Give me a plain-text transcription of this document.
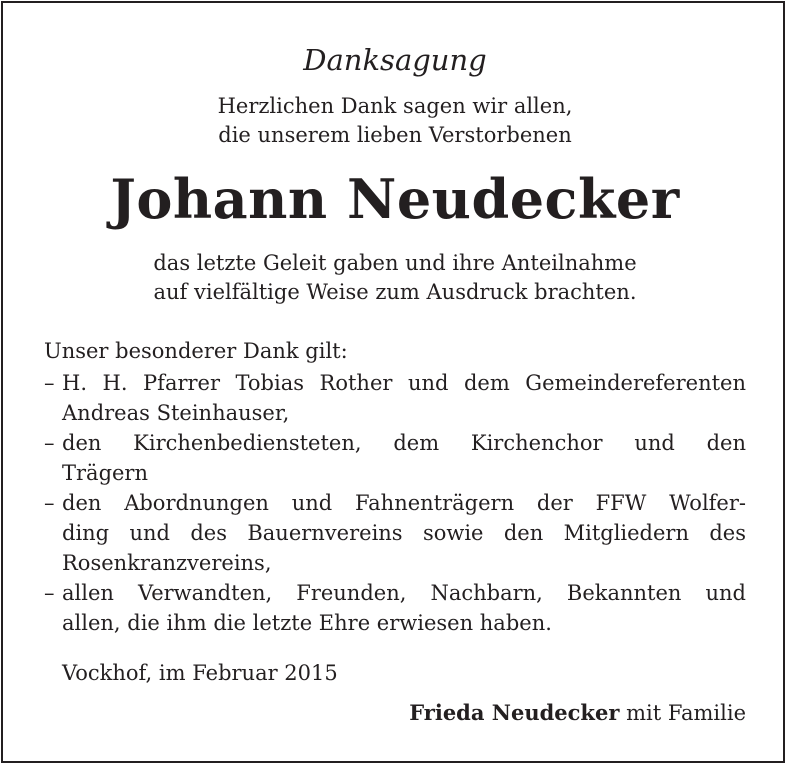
Danksagung
Herzlichen Dank sagen wir allen,
die unserem lieben Verstorbenen
Johann Neudecker
das letzte Geleit gaben und ihre Anteilnahme
auf vielfältige Weise zum Ausdruck brachten.
Unser besonderer Dank gilt:
– H. H. Pfarrer Tobias Rother und dem Gemeindereferenten
Andreas Steinhauser,
– den Kirchenbediensteten, dem Kirchenchor und den
Trägern
– den Abordnungen und Fahnenträgern der FFW Wolfer-
ding und des Bauernvereins sowie den Mitgliedern des
Rosenkranzvereins,
– allen Verwandten, Freunden, Nachbarn, Bekannten und
allen, die ihm die letzte Ehre erwiesen haben.
Vockhof, im Februar 2015
Frieda Neudecker mit Familie
